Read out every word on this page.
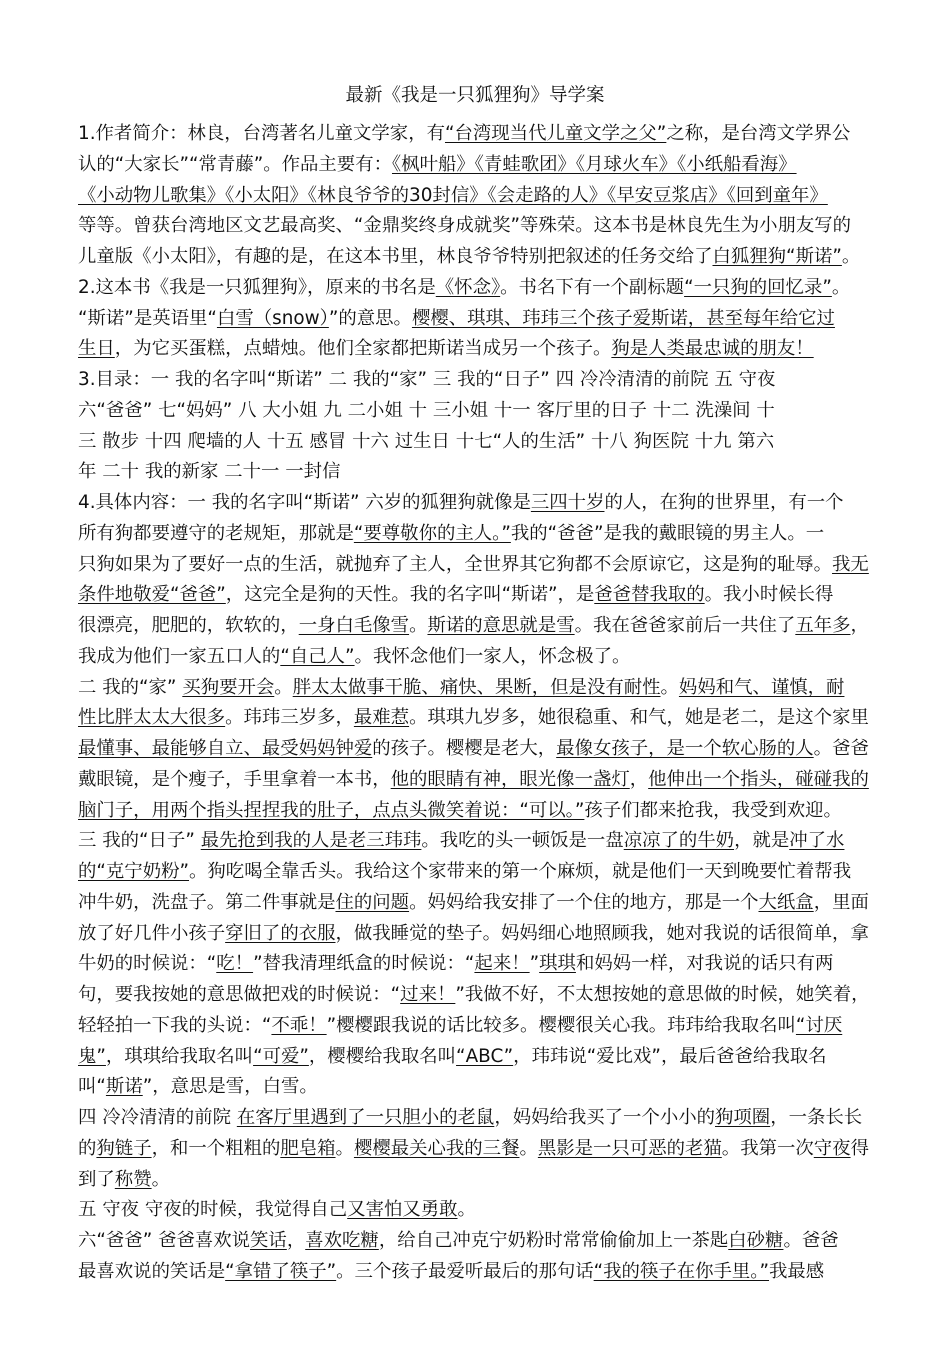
最新《我是一只狐狸狗》导学案
1.作者简介：林良，台湾著名儿童文学家，有“台湾现当代儿童文学之父”之称，是台湾文学界公
认的“大家长”“常青藤”。作品主要有：《枫叶船》《青蛙歌团》《月球火车》《小纸船看海》
《小动物儿歌集》《小太阳》《林良爷爷的30封信》《会走路的人》《早安豆浆店》《回到童年》
等等。曾获台湾地区文艺最高奖、“金鼎奖终身成就奖”等殊荣。这本书是林良先生为小朋友写的
儿童版《小太阳》，有趣的是，在这本书里，林良爷爷特别把叙述的任务交给了白狐狸狗“斯诺”。
2.这本书《我是一只狐狸狗》，原来的书名是《怀念》。书名下有一个副标题“一只狗的回忆录”。
“斯诺”是英语里“白雪（snow）”的意思。樱樱、琪琪、玮玮三个孩子爱斯诺，甚至每年给它过
生日，为它买蛋糕，点蜡烛。他们全家都把斯诺当成另一个孩子。狗是人类最忠诚的朋友！
3.目录：一 我的名字叫“斯诺” 二 我的“家” 三 我的“日子” 四 冷冷清清的前院 五 守夜
六“爸爸” 七“妈妈” 八 大小姐 九 二小姐 十 三小姐 十一 客厅里的日子 十二 洗澡间 十
三 散步 十四 爬墙的人 十五 感冒 十六 过生日 十七“人的生活” 十八 狗医院 十九 第六
年 二十 我的新家 二十一 一封信
4.具体内容：一 我的名字叫“斯诺” 六岁的狐狸狗就像是三四十岁的人，在狗的世界里，有一个
所有狗都要遵守的老规矩，那就是“要尊敬你的主人。”我的“爸爸”是我的戴眼镜的男主人。一
只狗如果为了要好一点的生活，就抛弃了主人，全世界其它狗都不会原谅它，这是狗的耻辱。我无
条件地敬爱“爸爸”，这完全是狗的天性。我的名字叫“斯诺”，是爸爸替我取的。我小时候长得
很漂亮，肥肥的，软软的，一身白毛像雪。斯诺的意思就是雪。我在爸爸家前后一共住了五年多，
我成为他们一家五口人的“自己人”。我怀念他们一家人，怀念极了。
二 我的“家” 买狗要开会。胖太太做事干脆、痛快、果断，但是没有耐性。妈妈和气、谨慎，耐
性比胖太太大很多。玮玮三岁多，最难惹。琪琪九岁多，她很稳重、和气，她是老二，是这个家里
最懂事、最能够自立、最受妈妈钟爱的孩子。樱樱是老大，最像女孩子，是一个软心肠的人。爸爸
戴眼镜，是个瘦子，手里拿着一本书，他的眼睛有神，眼光像一盏灯，他伸出一个指头，碰碰我的
脑门子，用两个指头捏捏我的肚子，点点头微笑着说：“可以。”孩子们都来抢我，我受到欢迎。
三 我的“日子” 最先抢到我的人是老三玮玮。我吃的头一顿饭是一盘凉凉了的牛奶，就是冲了水
的“克宁奶粉”。狗吃喝全靠舌头。我给这个家带来的第一个麻烦，就是他们一天到晚要忙着帮我
冲牛奶，洗盘子。第二件事就是住的问题。妈妈给我安排了一个住的地方，那是一个大纸盒，里面
放了好几件小孩子穿旧了的衣服，做我睡觉的垫子。妈妈细心地照顾我，她对我说的话很简单，拿
牛奶的时候说：“吃！”替我清理纸盒的时候说：“起来！”琪琪和妈妈一样，对我说的话只有两
句，要我按她的意思做把戏的时候说：“过来！”我做不好，不太想按她的意思做的时候，她笑着，
轻轻拍一下我的头说：“不乖！”樱樱跟我说的话比较多。樱樱很关心我。玮玮给我取名叫“讨厌
鬼”，琪琪给我取名叫“可爱”，樱樱给我取名叫“ABC”，玮玮说“爱比戏”，最后爸爸给我取名
叫“斯诺”，意思是雪，白雪。
四 冷冷清清的前院 在客厅里遇到了一只胆小的老鼠，妈妈给我买了一个小小的狗项圈，一条长长
的狗链子，和一个粗粗的肥皂箱。樱樱最关心我的三餐。黑影是一只可恶的老猫。我第一次守夜得
到了称赞。
五 守夜 守夜的时候，我觉得自己又害怕又勇敢。
六“爸爸” 爸爸喜欢说笑话，喜欢吃糖，给自己冲克宁奶粉时常常偷偷加上一茶匙白砂糖。爸爸
最喜欢说的笑话是“拿错了筷子”。三个孩子最爱听最后的那句话“我的筷子在你手里。”我最感
